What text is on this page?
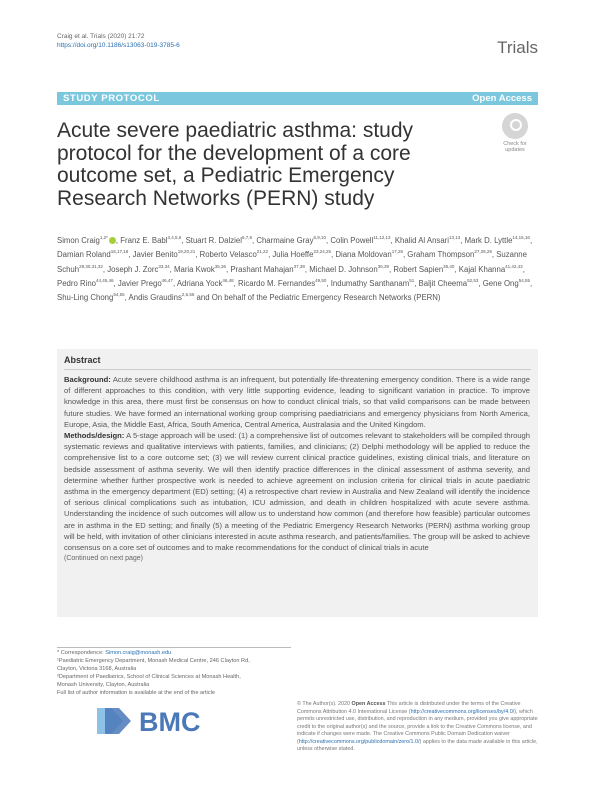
Craig et al. Trials (2020) 21:72
https://doi.org/10.1186/s13063-019-3785-6	Trials
STUDY PROTOCOL	Open Access
Acute severe paediatric asthma: study protocol for the development of a core outcome set, a Pediatric Emergency Research Networks (PERN) study
Check for
updates
Simon Craig$^{1,2*}$ , Franz E. Babl$^{3,4,5,6}$, Stuart R. Dalziel$^{6,7,8}$, Charmaine Gray$^{6,9,10}$, Colin Powell$^{11,12,13}$, Khalid Al Ansari$^{13,13}$, Mark D. Lyttle$^{14,15,16}$, Damian Roland$^{16,17,18}$, Javier Benito$^{19,20,21}$, Roberto Velasco$^{21,22}$, Julia Hoeffe$^{23,24,25}$, Diana Moldovan$^{17,26}$, Graham Thompson$^{27,28,29}$, Suzanne Schuh$^{29,30,31,32}$, Joseph J. Zorc$^{33,34}$, Maria Kwok$^{35,36}$, Prashant Mahajan$^{37,38}$, Michael D. Johnson$^{36,39}$, Robert Sapien$^{36,40}$, Kajal Khanna$^{41,42,43}$, Pedro Rino$^{44,45,46}$, Javier Prego$^{46,47}$, Adriana Yock$^{46,48}$, Ricardo M. Fernandes$^{49,50}$, Indumathy Santhanam$^{51}$, Baljit Cheema$^{52,53}$, Gene Ong$^{54,55}$, Shu-Ling Chong$^{54,55}$, Andis Graudins$^{2,6,56}$ and On behalf of the Pediatric Emergency Research Networks (PERN)
Abstract

Background: Acute severe childhood asthma is an infrequent, but potentially life-threatening emergency condition. There is a wide range of different approaches to this condition, with very little supporting evidence, leading to significant variation in practice. To improve knowledge in this area, there must first be consensus on how to conduct clinical trials, so that valid comparisons can be made between future studies. We have formed an international working group comprising paediatricians and emergency physicians from North America, Europe, Asia, the Middle East, Africa, South America, Central America, Australasia and the United Kingdom.

Methods/design: A 5-stage approach will be used: (1) a comprehensive list of outcomes relevant to stakeholders will be compiled through systematic reviews and qualitative interviews with patients, families, and clinicians; (2) Delphi methodology will be applied to reduce the comprehensive list to a core outcome set; (3) we will review current clinical practice guidelines, existing clinical trials, and literature on bedside assessment of asthma severity. We will then identify practice differences in the clinical assessment of asthma severity, and determine whether further prospective work is needed to achieve agreement on inclusion criteria for clinical trials in acute paediatric asthma in the emergency department (ED) setting; (4) a retrospective chart review in Australia and New Zealand will identify the incidence of serious clinical complications such as intubation, ICU admission, and death in children hospitalized with acute severe asthma. Understanding the incidence of such outcomes will allow us to understand how common (and therefore how feasible) particular outcomes are in asthma in the ED setting; and finally (5) a meeting of the Pediatric Emergency Research Networks (PERN) asthma working group will be held, with invitation of other clinicians interested in acute asthma research, and patients/families. The group will be asked to achieve consensus on a core set of outcomes and to make recommendations for the conduct of clinical trials in acute

(Continued on next page)

* Correspondence: Simon.craig@monash.edu
¹Paediatric Emergency Department, Monash Medical Centre, 246 Clayton Rd,
Clayton, Victoria 3168, Australia
²Department of Paediatrics, School of Clinical Sciences at Monash Health,
Monash University, Clayton, Australia
Full list of author information is available at the end of the article
BMC
© The Author(s). 2020 Open Access This article is distributed under the terms of the Creative Commons Attribution 4.0 International License (http://creativecommons.org/licenses/by/4.0/), which permits unrestricted use, distribution, and reproduction in any medium, provided you give appropriate credit to the original author(s) and the source, provide a link to the Creative Commons license, and indicate if changes were made. The Creative Commons Public Domain Dedication waiver (http://creativecommons.org/publicdomain/zero/1.0/) applies to the data made available in this article, unless otherwise stated.
